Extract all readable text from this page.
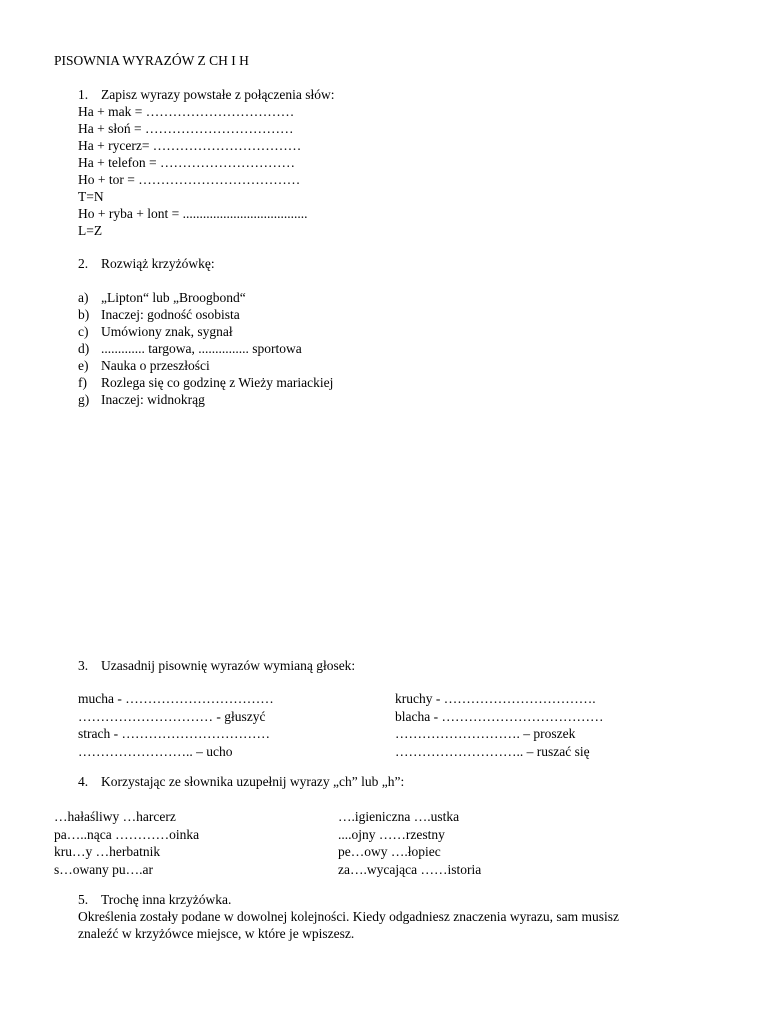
PISOWNIA WYRAZÓW Z CH I H
1. Zapisz wyrazy powstałe z połączenia słów:
Ha + mak = ……………………………
Ha + słoń = ……………………………
Ha + rycerz= ……………………………
Ha + telefon = …………………………
Ho + tor = ………………………………
T=N
Ho + ryba + lont = .....................................
L=Z
2. Rozwiąż krzyżówkę:
a) „Lipton“ lub „Broogbond“
b) Inaczej: godność osobista
c) Umówiony znak, sygnał
d) ............. targowa, ............... sportowa
e) Nauka o przeszłości
f) Rozlega się co godzinę z Wieży mariackiej
g) Inaczej: widnokrąg
3. Uzasadnij pisownię wyrazów wymianą głosek:
mucha - ……………………………	kruchy - …………………………….
………………………… - głuszyć	blacha - ………………………………
strach - ……………………………	………………………. – proszek
…………………….. – ucho	……………………….. – ruszać się
4. Korzystając ze słownika uzupełnij wyrazy „ch” lub „h”:
…hałaśliwy …harcerz	….igieniczna ….ustka
pa…..nąca …………oinka	....ojny ……rzestny
kru…y …herbatnik	pe…owy ….łopiec
s…owany pu….ar	za….wycająca ……istoria
5. Trochę inna krzyżówka.
Określenia zostały podane w dowolnej kolejności. Kiedy odgadniesz znaczenia wyrazu, sam musisz
znaleźć w krzyżówce miejsce, w które je wpiszesz.
